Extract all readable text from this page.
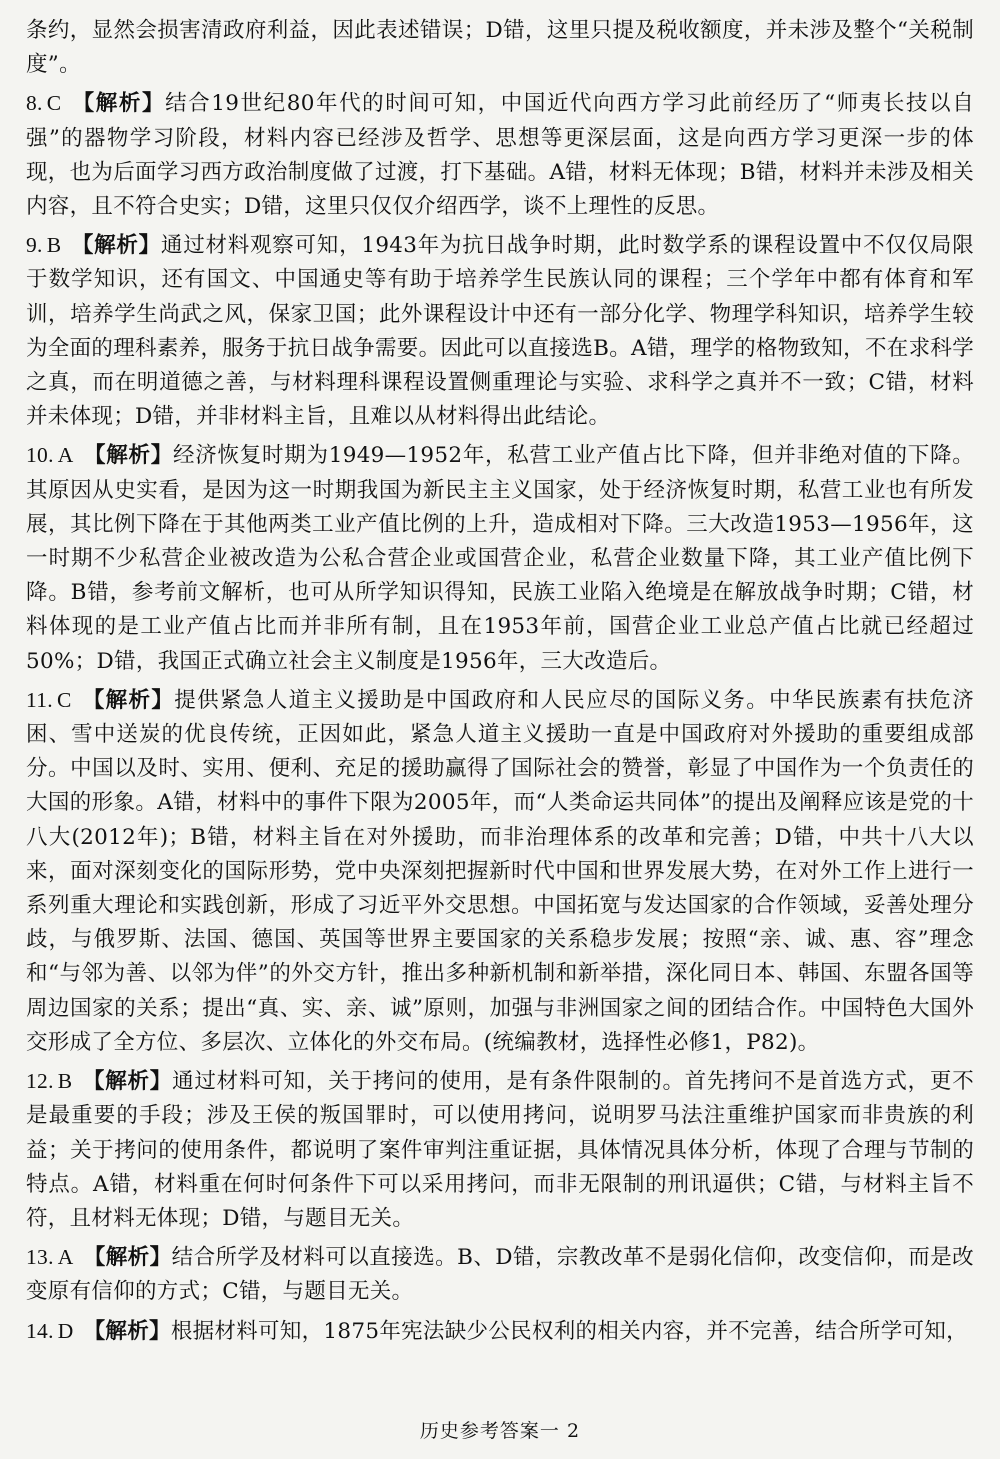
条约，显然会损害清政府利益，因此表述错误；D错，这里只提及税收额度，并未涉及整个“关税制度”。

8. C 【解析】结合19世纪80年代的时间可知，中国近代向西方学习此前经历了“师夷长技以自强”的器物学习阶段，材料内容已经涉及哲学、思想等更深层面，这是向西方学习更深一步的体现，也为后面学习西方政治制度做了过渡，打下基础。A错，材料无体现；B错，材料并未涉及相关内容，且不符合史实；D错，这里只仅仅介绍西学，谈不上理性的反思。
9. B 【解析】通过材料观察可知，1943年为抗日战争时期，此时数学系的课程设置中不仅仅局限于数学知识，还有国文、中国通史等有助于培养学生民族认同的课程；三个学年中都有体育和军训，培养学生尚武之风，保家卫国；此外课程设计中还有一部分化学、物理学科知识，培养学生较为全面的理科素养，服务于抗日战争需要。因此可以直接选B。A错，理学的格物致知，不在求科学之真，而在明道德之善，与材料理科课程设置侧重理论与实验、求科学之真并不一致；C错，材料并未体现；D错，并非材料主旨，且难以从材料得出此结论。
10. A 【解析】经济恢复时期为1949—1952年，私营工业产值占比下降，但并非绝对值的下降。其原因从史实看，是因为这一时期我国为新民主主义国家，处于经济恢复时期，私营工业也有所发展，其比例下降在于其他两类工业产值比例的上升，造成相对下降。三大改造1953—1956年，这一时期不少私营企业被改造为公私合营企业或国营企业，私营企业数量下降，其工业产值比例下降。B错，参考前文解析，也可从所学知识得知，民族工业陷入绝境是在解放战争时期；C错，材料体现的是工业产值占比而并非所有制，且在1953年前，国营企业工业总产值占比就已经超过50%；D错，我国正式确立社会主义制度是1956年，三大改造后。
11. C 【解析】提供紧急人道主义援助是中国政府和人民应尽的国际义务。中华民族素有扶危济困、雪中送炭的优良传统，正因如此，紧急人道主义援助一直是中国政府对外援助的重要组成部分。中国以及时、实用、便利、充足的援助赢得了国际社会的赞誉，彰显了中国作为一个负责任的大国的形象。A错，材料中的事件下限为2005年，而“人类命运共同体”的提出及阐释应该是党的十八大(2012年)；B错，材料主旨在对外援助，而非治理体系的改革和完善；D错，中共十八大以来，面对深刻变化的国际形势，党中央深刻把握新时代中国和世界发展大势，在对外工作上进行一系列重大理论和实践创新，形成了习近平外交思想。中国拓宽与发达国家的合作领域，妥善处理分歧，与俄罗斯、法国、德国、英国等世界主要国家的关系稳步发展；按照“亲、诚、惠、容”理念和“与邻为善、以邻为伴”的外交方针，推出多种新机制和新举措，深化同日本、韩国、东盟各国等周边国家的关系；提出“真、实、亲、诚”原则，加强与非洲国家之间的团结合作。中国特色大国外交形成了全方位、多层次、立体化的外交布局。(统编教材，选择性必修1，P82)。
12. B 【解析】通过材料可知，关于拷问的使用，是有条件限制的。首先拷问不是首选方式，更不是最重要的手段；涉及王侯的叛国罪时，可以使用拷问，说明罗马法注重维护国家而非贵族的利益；关于拷问的使用条件，都说明了案件审判注重证据，具体情况具体分析，体现了合理与节制的特点。A错，材料重在何时何条件下可以采用拷问，而非无限制的刑讯逼供；C错，与材料主旨不符，且材料无体现；D错，与题目无关。
13. A 【解析】结合所学及材料可以直接选。B、D错，宗教改革不是弱化信仰，改变信仰，而是改变原有信仰的方式；C错，与题目无关。
14. D 【解析】根据材料可知，1875年宪法缺少公民权利的相关内容，并不完善，结合所学可知，
历史参考答案一 2
